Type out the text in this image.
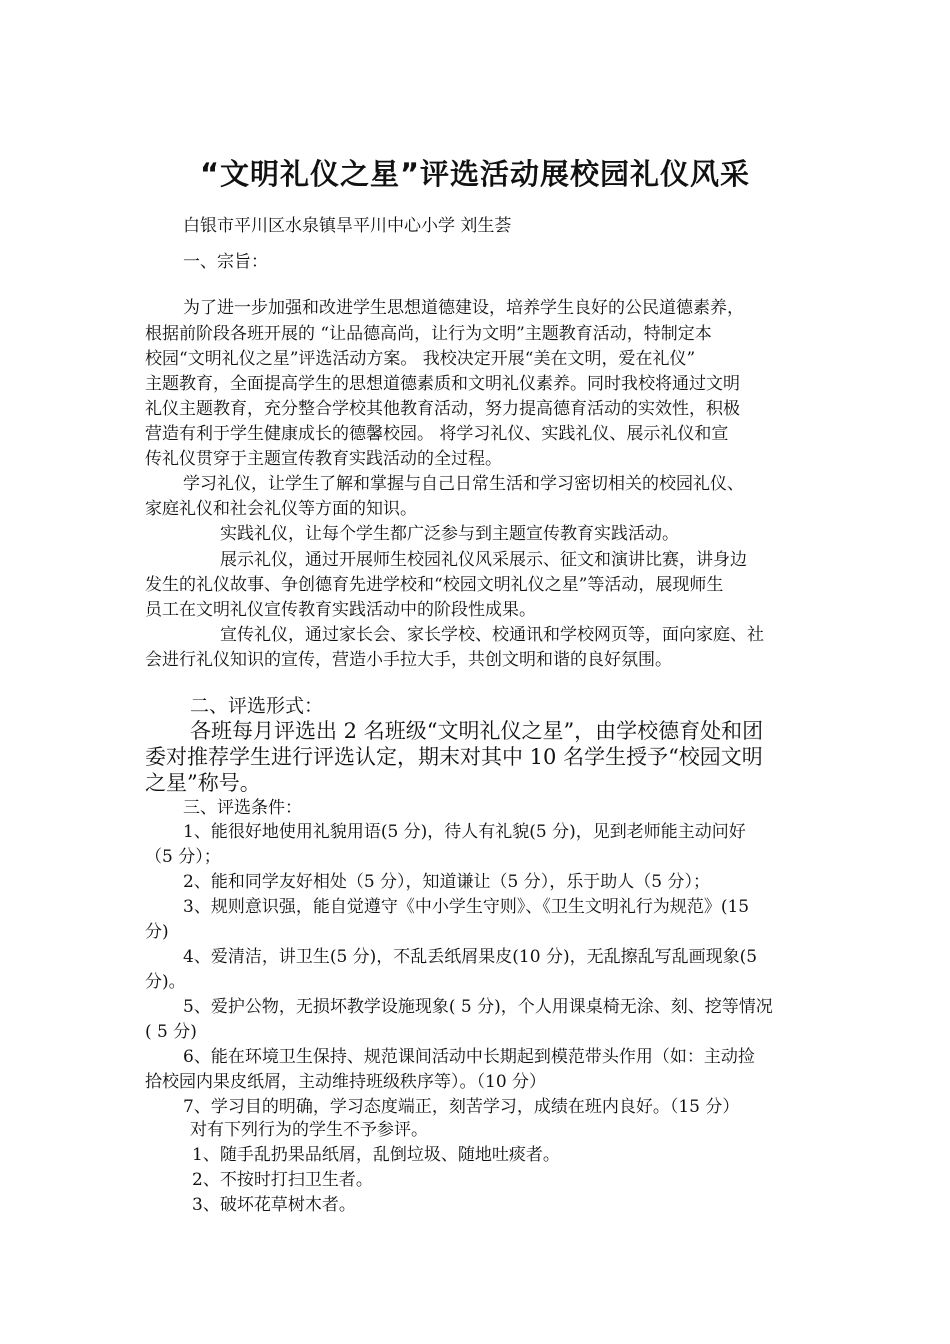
“文明礼仪之星”评选活动展校园礼仪风采
白银市平川区水泉镇旱平川中心小学 刘生荟
一、宗旨：
为了进一步加强和改进学生思想道德建设，培养学生良好的公民道德素养，
根据前阶段各班开展的 “让品德高尚，让行为文明”主题教育活动，特制定本
校园“文明礼仪之星”评选活动方案。 我校决定开展“美在文明，爱在礼仪”
主题教育，全面提高学生的思想道德素质和文明礼仪素养。同时我校将通过文明
礼仪主题教育，充分整合学校其他教育活动，努力提高德育活动的实效性，积极
营造有利于学生健康成长的德馨校园。 将学习礼仪、实践礼仪、展示礼仪和宣
传礼仪贯穿于主题宣传教育实践活动的全过程。
学习礼仪，让学生了解和掌握与自己日常生活和学习密切相关的校园礼仪、
家庭礼仪和社会礼仪等方面的知识。
实践礼仪，让每个学生都广泛参与到主题宣传教育实践活动。
展示礼仪，通过开展师生校园礼仪风采展示、征文和演讲比赛，讲身边
发生的礼仪故事、争创德育先进学校和“校园文明礼仪之星”等活动，展现师生
员工在文明礼仪宣传教育实践活动中的阶段性成果。
宣传礼仪，通过家长会、家长学校、校通讯和学校网页等，面向家庭、社
会进行礼仪知识的宣传，营造小手拉大手，共创文明和谐的良好氛围。
二、评选形式：
各班每月评选出 2 名班级“文明礼仪之星”，由学校德育处和团
委对推荐学生进行评选认定，期末对其中 10 名学生授予“校园文明
之星”称号。
三、评选条件：
1、能很好地使用礼貌用语(5 分)，待人有礼貌(5 分)，见到老师能主动问好
（5 分）；
2、能和同学友好相处（5 分），知道谦让（5 分），乐于助人（5 分）；
3、规则意识强，能自觉遵守《中小学生守则》、《卫生文明礼行为规范》(15
分)
4、爱清洁，讲卫生(5 分)，不乱丢纸屑果皮(10 分)，无乱擦乱写乱画现象(5
分)。
5、爱护公物，无损坏教学设施现象( 5 分)，个人用课桌椅无涂、刻、挖等情况
( 5 分)
6、能在环境卫生保持、规范课间活动中长期起到模范带头作用（如：主动捡
拾校园内果皮纸屑，主动维持班级秩序等）。（10 分）
7、学习目的明确，学习态度端正，刻苦学习，成绩在班内良好。（15 分）
对有下列行为的学生不予参评。
1、随手乱扔果品纸屑，乱倒垃圾、随地吐痰者。
2、不按时打扫卫生者。
3、破坏花草树木者。
